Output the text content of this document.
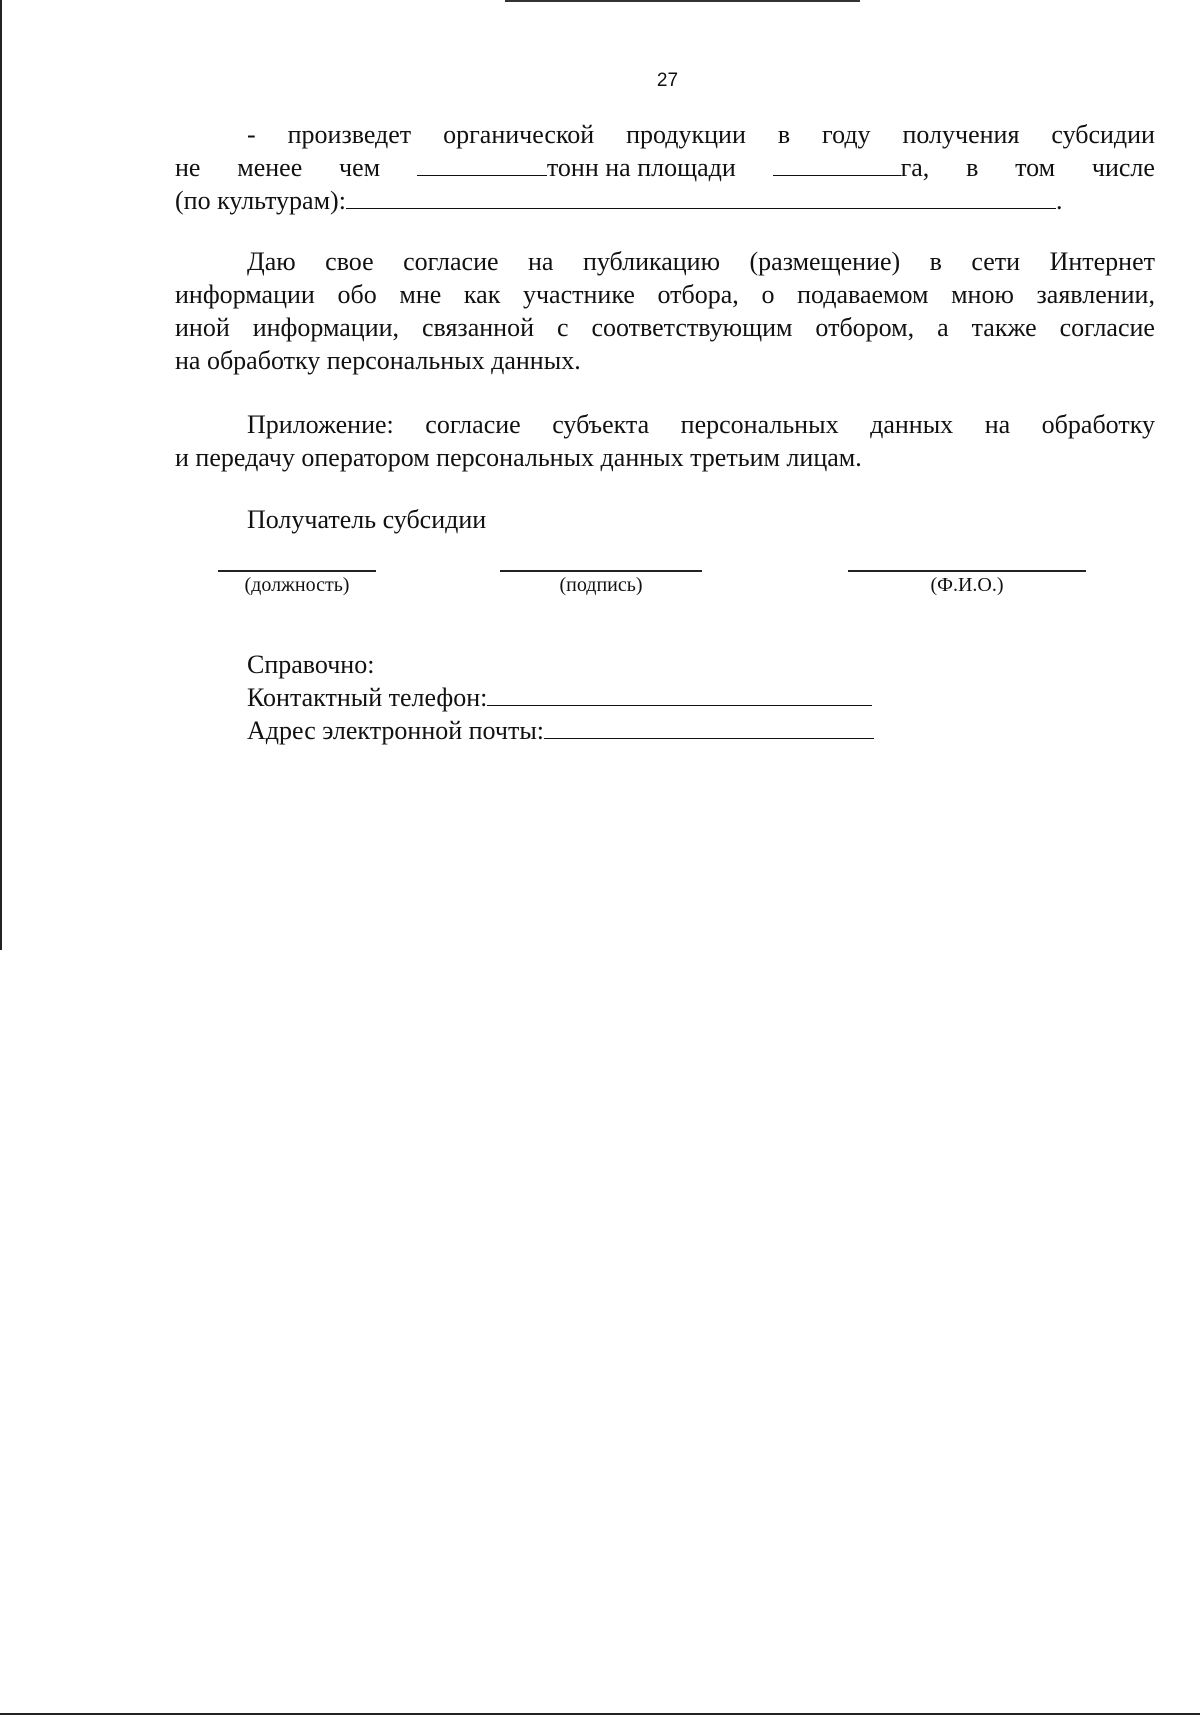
27
- произведет органической продукции в году получения субсидии
не менее чем	тонн на площади	га, в том числе
(по культурам):	.
Даю свое согласие на публикацию (размещение) в сети Интернет
информации обо мне как участнике отбора, о подаваемом мною заявлении,
иной информации, связанной с соответствующим отбором, а также согласие
на обработку персональных данных.
Приложение: согласие субъекта персональных данных на обработку
и передачу оператором персональных данных третьим лицам.
Получатель субсидии
(должность)	(подпись)	(Ф.И.О.)
Справочно:
Контактный телефон:
Адрес электронной почты:
